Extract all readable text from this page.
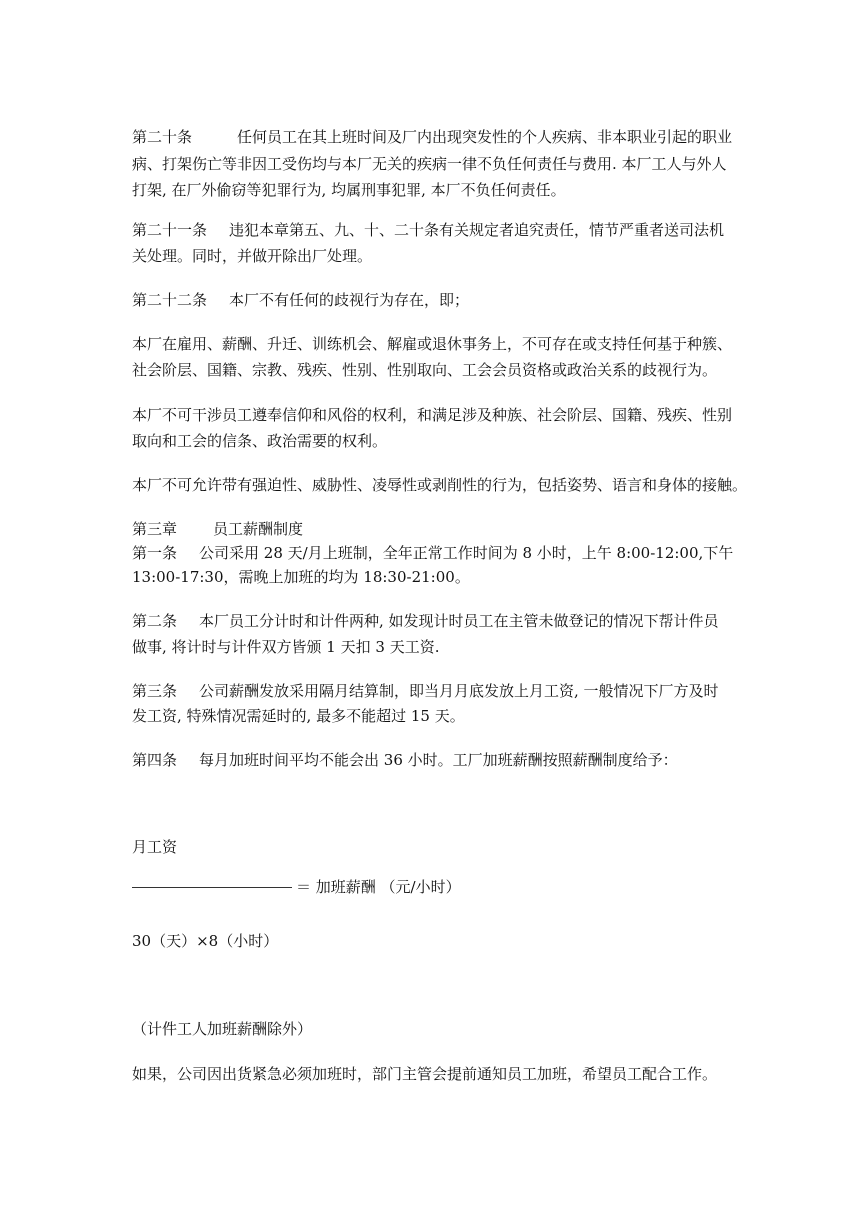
第二十条	任何员工在其上班时间及厂内出现突发性的个人疾病、非本职业引起的职业
病、打架伤亡等非因工受伤均与本厂无关的疾病一律不负任何责任与费用. 本厂工人与外人
打架, 在厂外偷窃等犯罪行为, 均属刑事犯罪, 本厂不负任何责任。
第二十一条 违犯本章第五、九、十、二十条有关规定者追究责任，情节严重者送司法机
关处理。同时，并做开除出厂处理。
第二十二条 本厂不有任何的歧视行为存在，即；
本厂在雇用、薪酬、升迁、训练机会、解雇或退休事务上，不可存在或支持任何基于种簇、
社会阶层、国籍、宗教、残疾、性别、性别取向、工会会员资格或政治关系的歧视行为。
本厂不可干涉员工遵奉信仰和风俗的权利，和满足涉及种族、社会阶层、国籍、残疾、性别
取向和工会的信条、政治需要的权利。
本厂不可允许带有强迫性、威胁性、凌辱性或剥削性的行为，包括姿势、语言和身体的接触。
第三章 员工薪酬制度
第一条 公司采用 28 天/月上班制，全年正常工作时间为 8 小时，上午 8:00-12:00,下午
13:00-17:30，需晚上加班的均为 18:30-21:00。
第二条 本厂员工分计时和计件两种, 如发现计时员工在主管未做登记的情况下帮计件员
做事, 将计时与计件双方皆颁 1 天扣 3 天工资.
第三条 公司薪酬发放采用隔月结算制，即当月月底发放上月工资, 一般情况下厂方及时
发工资, 特殊情况需延时的, 最多不能超过 15 天。
第四条 每月加班时间平均不能会出 36 小时。工厂加班薪酬按照薪酬制度给予：
月工资
＝ 加班薪酬 （元/小时）
30（天）×8（小时）
（计件工人加班薪酬除外）
如果，公司因出货紧急必须加班时，部门主管会提前通知员工加班，希望员工配合工作。
